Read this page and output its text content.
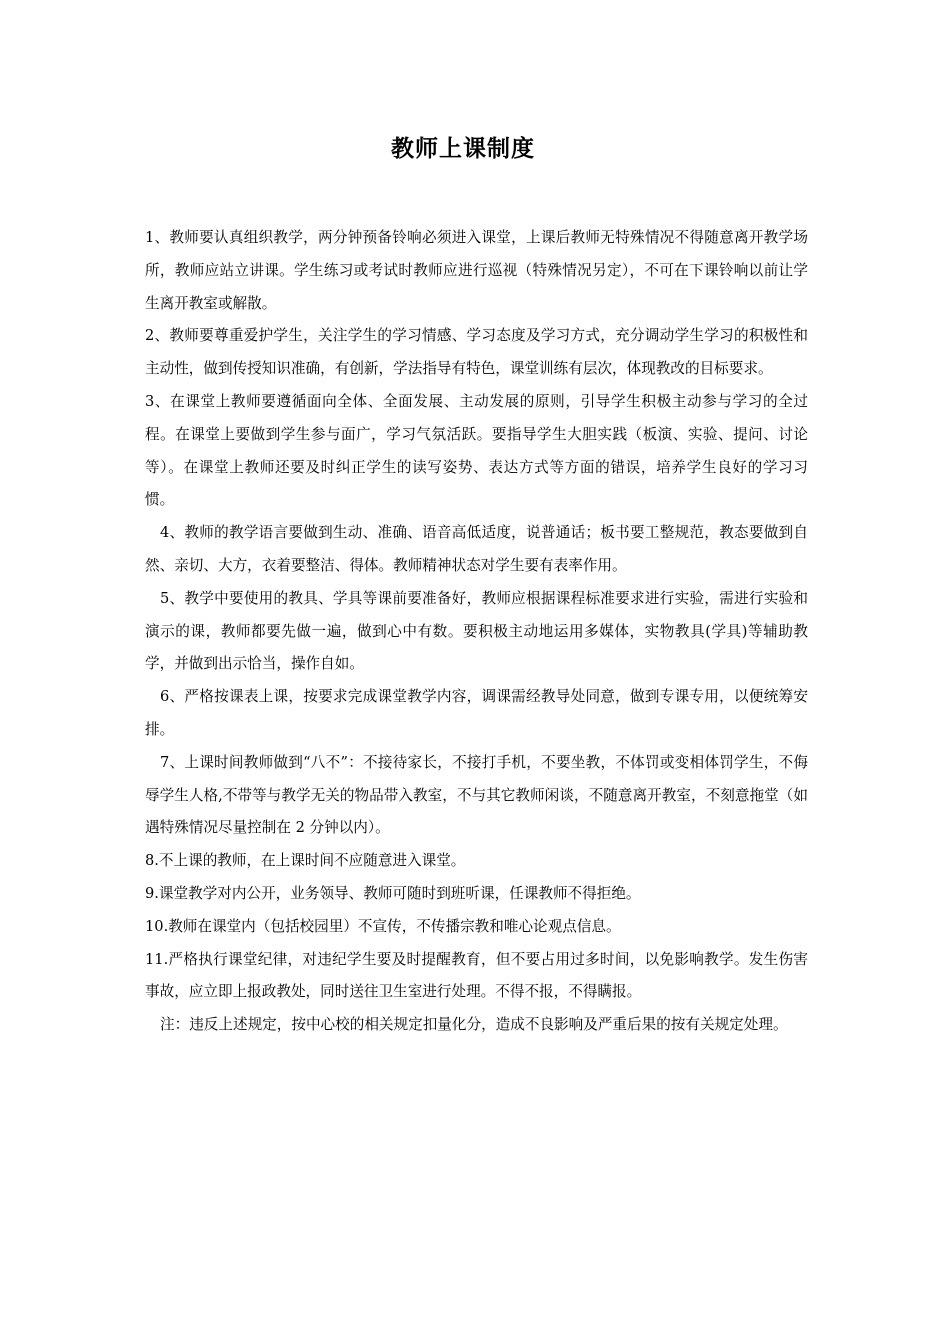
教师上课制度

1、教师要认真组织教学，两分钟预备铃响必须进入课堂，上课后教师无特殊情况不得随意离开教学场所，教师应站立讲课。学生练习或考试时教师应进行巡视（特殊情况另定），不可在下课铃响以前让学生离开教室或解散。

2、教师要尊重爱护学生，关注学生的学习情感、学习态度及学习方式，充分调动学生学习的积极性和主动性，做到传授知识准确，有创新，学法指导有特色，课堂训练有层次，体现教改的目标要求。

3、在课堂上教师要遵循面向全体、全面发展、主动发展的原则，引导学生积极主动参与学习的全过程。在课堂上要做到学生参与面广，学习气氛活跃。要指导学生大胆实践（板演、实验、提问、讨论等）。在课堂上教师还要及时纠正学生的读写姿势、表达方式等方面的错误，培养学生良好的学习习惯。

4、教师的教学语言要做到生动、准确、语音高低适度，说普通话；板书要工整规范，教态要做到自然、亲切、大方，衣着要整洁、得体。教师精神状态对学生要有表率作用。

5、教学中要使用的教具、学具等课前要准备好，教师应根据课程标准要求进行实验，需进行实验和演示的课，教师都要先做一遍，做到心中有数。要积极主动地运用多媒体，实物教具(学具)等辅助教学，并做到出示恰当，操作自如。

6、严格按课表上课，按要求完成课堂教学内容，调课需经教导处同意，做到专课专用，以便统筹安排。

7、上课时间教师做到“八不”：不接待家长，不接打手机，不要坐教，不体罚或变相体罚学生，不侮辱学生人格,不带等与教学无关的物品带入教室，不与其它教师闲谈，不随意离开教室，不刻意拖堂（如遇特殊情况尽量控制在 2 分钟以内）。

8.不上课的教师，在上课时间不应随意进入课堂。

9.课堂教学对内公开，业务领导、教师可随时到班听课，任课教师不得拒绝。

10.教师在课堂内（包括校园里）不宣传，不传播宗教和唯心论观点信息。

11.严格执行课堂纪律，对违纪学生要及时提醒教育，但不要占用过多时间，以免影响教学。发生伤害事故，应立即上报政教处，同时送往卫生室进行处理。不得不报，不得瞒报。

注：违反上述规定，按中心校的相关规定扣量化分，造成不良影响及严重后果的按有关规定处理。
